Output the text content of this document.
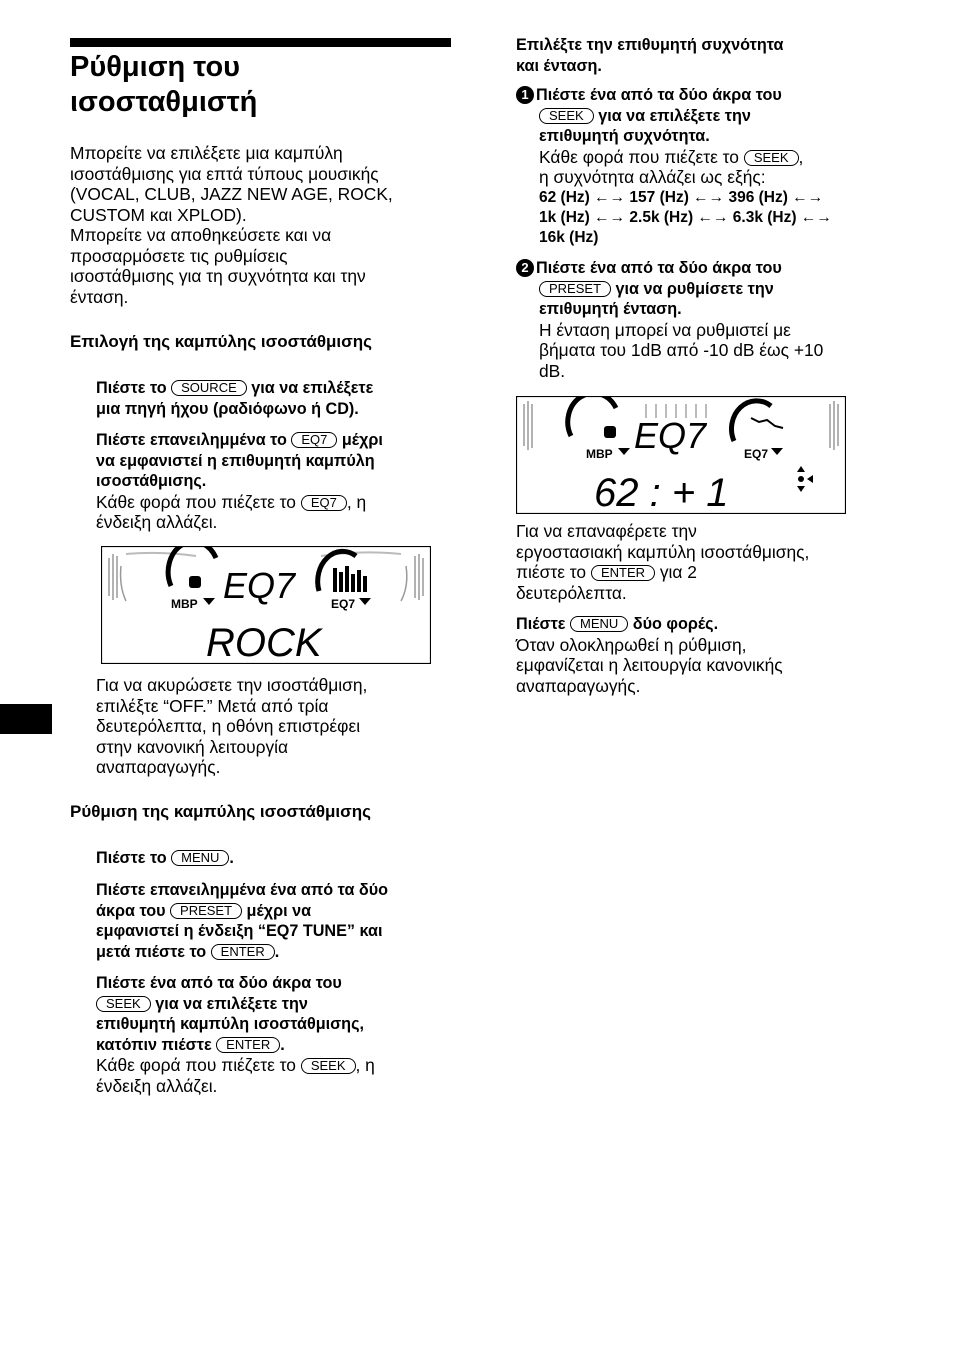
Ρύθμιση του
ισοσταθμιστή
Μπορείτε να επιλέξετε μια καμπύλη
ισοστάθμισης για επτά τύπους μουσικής
(VOCAL, CLUB, JAZZ NEW AGE, ROCK,
CUSTOM και XPLOD).
Μπορείτε να αποθηκεύσετε και να
προσαρμόσετε τις ρυθμίσεις
ισοστάθμισης για τη συχνότητα και την
ένταση.
Επιλογή της καμπύλης ισοστάθμισης
Πιέστε το SOURCE για να επιλέξετε
μια πηγή ήχου (ραδιόφωνο ή CD).
Πιέστε επανειλημμένα το EQ7 μέχρι
να εμφανιστεί η επιθυμητή καμπύλη
ισοστάθμισης.
Κάθε φορά που πιέζετε το EQ7 , η
ένδειξη αλλάζει.
MBP EQ7	EQ7
ROCK
Για να ακυρώσετε την ισοστάθμιση,
επιλέξτε “OFF.” Μετά από τρία
δευτερόλεπτα, η οθόνη επιστρέφει
στην κανονική λειτουργία
αναπαραγωγής.
Ρύθμιση της καμπύλης ισοστάθμισης
Πιέστε το MENU .
Πιέστε επανειλημμένα ένα από τα δύο
άκρα του PRESET μέχρι να
εμφανιστεί η ένδειξη “EQ7 TUNE” και
μετά πιέστε το ENTER .
Πιέστε ένα από τα δύο άκρα του
SEEK για να επιλέξετε την
επιθυμητή καμπύλη ισοστάθμισης,
κατόπιν πιέστε ENTER .
Κάθε φορά που πιέζετε το SEEK , η
ένδειξη αλλάζει.
Επιλέξτε την επιθυμητή συχνότητα
και ένταση.
1 Πιέστε ένα από τα δύο άκρα του
SEEK για να επιλέξετε την
επιθυμητή συχνότητα.
Κάθε φορά που πιέζετε το SEEK ,
η συχνότητα αλλάζει ως εξής:
62 (Hz) ←→ 157 (Hz) ←→ 396 (Hz) ←→
1k (Hz) ←→ 2.5k (Hz) ←→ 6.3k (Hz) ←→
16k (Hz)
2 Πιέστε ένα από τα δύο άκρα του
PRESET για να ρυθμίσετε την
επιθυμητή ένταση.
Η ένταση μπορεί να ρυθμιστεί με
βήματα του 1dB από -10 dB έως +10
dB.
MBP EQ7	EQ7
62 : + 1
Για να επαναφέρετε την
εργοστασιακή καμπύλη ισοστάθμισης,
πιέστε το ENTER για 2
δευτερόλεπτα.
Πιέστε MENU δύο φορές.
Όταν ολοκληρωθεί η ρύθμιση,
εμφανίζεται η λειτουργία κανονικής
αναπαραγωγής.
